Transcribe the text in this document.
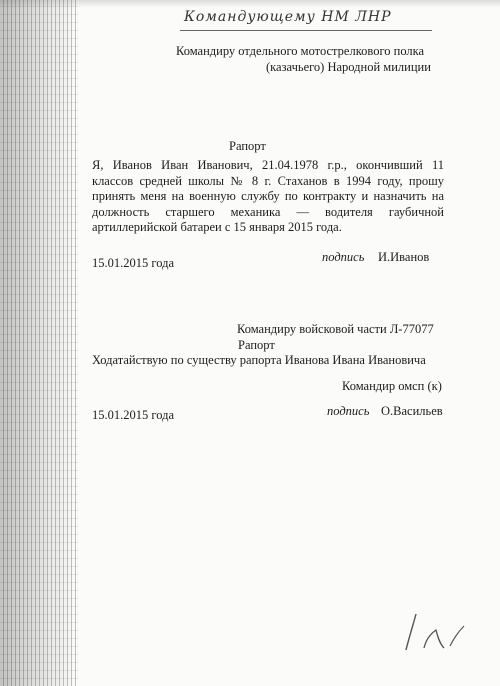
Командующему НМ ЛНР
Командиру отдельного мотострелкового полка
(казачьего) Народной милиции
Рапорт
Я, Иванов Иван Иванович, 21.04.1978 г.р., окончивший 11 классов средней школы № 8 г. Стаханов в 1994 году, прошу принять меня на военную службу по контракту и назначить на должность старшего механика — водителя гаубичной артиллерийской батареи с 15 января 2015 года.
15.01.2015 года	подпись И.Иванов
Командиру войсковой части Л-77077
Рапорт
Ходатайствую по существу рапорта Иванова Ивана Ивановича
Командир омсп (к)
15.01.2015 года	подпись О.Васильев
